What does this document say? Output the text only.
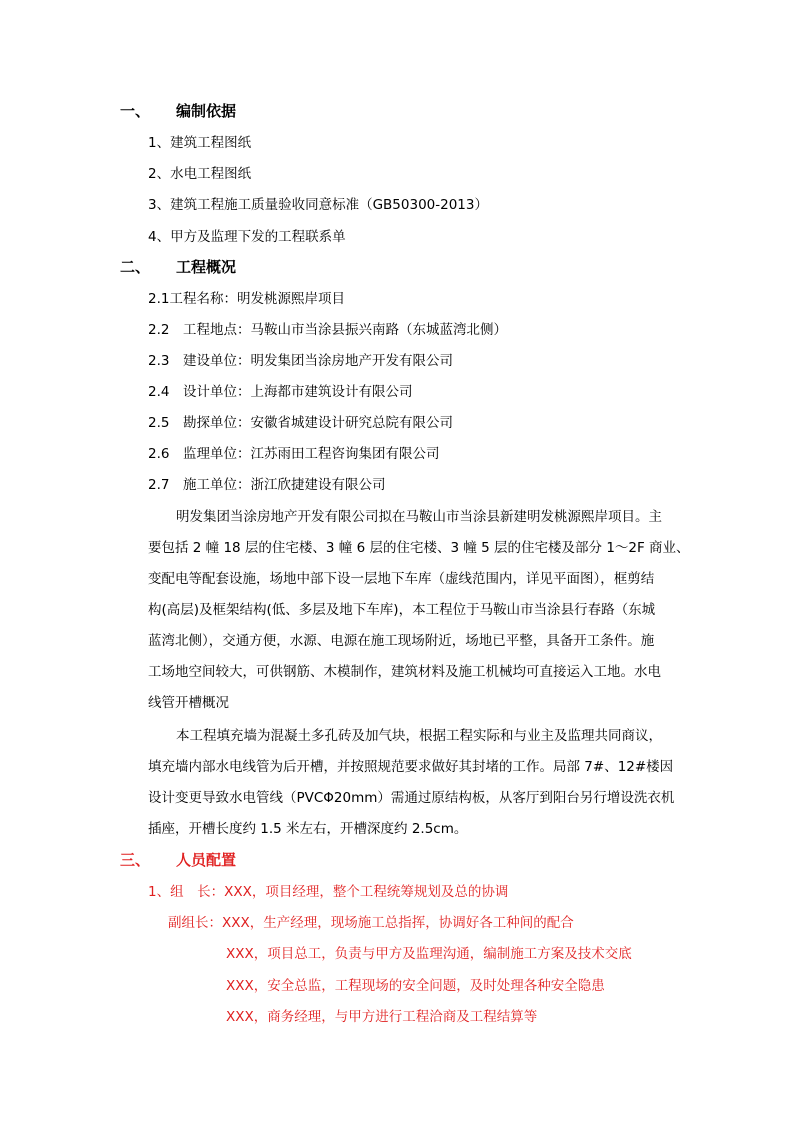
一、 编制依据
1、建筑工程图纸
2、水电工程图纸
3、建筑工程施工质量验收同意标准（GB50300-2013）
4、甲方及监理下发的工程联系单
二、 工程概况
2.1工程名称：明发桃源熙岸项目
2.2　工程地点：马鞍山市当涂县振兴南路（东城蓝湾北侧）
2.3　建设单位：明发集团当涂房地产开发有限公司
2.4　设计单位：上海都市建筑设计有限公司
2.5　勘探单位：安徽省城建设计研究总院有限公司
2.6　监理单位：江苏雨田工程咨询集团有限公司
2.7　施工单位：浙江欣捷建设有限公司
明发集团当涂房地产开发有限公司拟在马鞍山市当涂县新建明发桃源熙岸项目。主
要包括 2 幢 18 层的住宅楼、3 幢 6 层的住宅楼、3 幢 5 层的住宅楼及部分 1～2F 商业、
变配电等配套设施，场地中部下设一层地下车库（虚线范围内，详见平面图），框剪结
构(高层)及框架结构(低、多层及地下车库)，本工程位于马鞍山市当涂县行春路（东城
蓝湾北侧），交通方便，水源、电源在施工现场附近，场地已平整，具备开工条件。施
工场地空间较大，可供钢筋、木模制作，建筑材料及施工机械均可直接运入工地。水电
线管开槽概况
本工程填充墙为混凝土多孔砖及加气块，根据工程实际和与业主及监理共同商议，
填充墙内部水电线管为后开槽，并按照规范要求做好其封堵的工作。局部 7#、12#楼因
设计变更导致水电管线（PVCΦ20mm）需通过原结构板，从客厅到阳台另行增设洗衣机
插座，开槽长度约 1.5 米左右，开槽深度约 2.5cm。
三、 人员配置
1、组　长：XXX，项目经理，整个工程统筹规划及总的协调
副组长：XXX，生产经理，现场施工总指挥，协调好各工种间的配合
XXX，项目总工，负责与甲方及监理沟通，编制施工方案及技术交底
XXX，安全总监，工程现场的安全问题，及时处理各种安全隐患
XXX，商务经理，与甲方进行工程洽商及工程结算等
